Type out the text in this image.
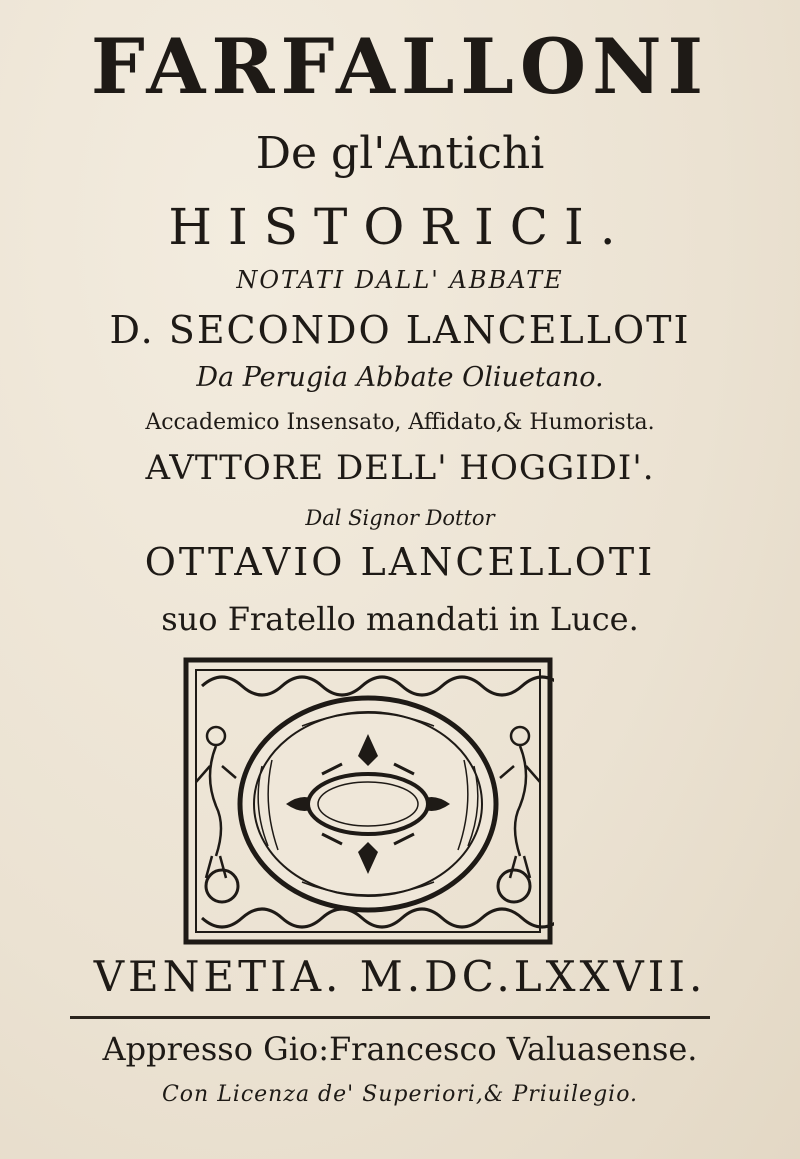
FARFALLONI
De gl'Antichi
HISTORICI.
NOTATI DALL' ABBATE
D. SECONDO LANCELLOTI
Da Perugia Abbate Oliuetano.
Accademico Insensato, Affidato,& Humorista.
AVTTORE DELL' HOGGIDI'.
Dal Signor Dottor
OTTAVIO LANCELLOTI
suo Fratello mandati in Luce.
VENETIA. M.DC.LXXVII.
Appresso Gio:Francesco Valuasense.
Con Licenza de' Superiori,& Priuilegio.
